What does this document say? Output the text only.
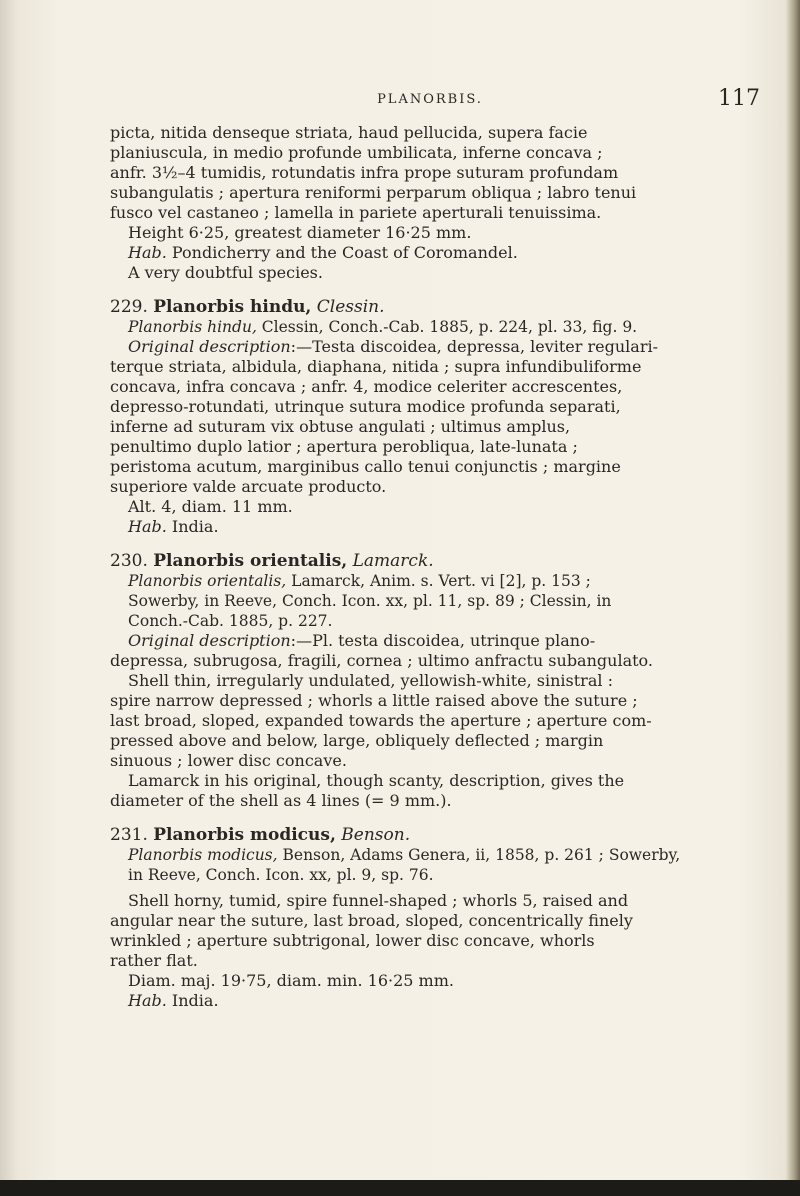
PLANORBIS.	117

picta, nitida denseque striata, haud pellucida, supera facie

planiuscula, in medio profunde umbilicata, inferne concava ;

anfr. 3½–4 tumidis, rotundatis infra prope suturam profundam

subangulatis ; apertura reniformi perparum obliqua ; labro tenui

fusco vel castaneo ; lamella in pariete aperturali tenuissima.

Height 6·25, greatest diameter 16·25 mm.

Hab. Pondicherry and the Coast of Coromandel.

A very doubtful species.

229. Planorbis hindu, Clessin.

Planorbis hindu, Clessin, Conch.-Cab. 1885, p. 224, pl. 33, fig. 9.

Original description:—Testa discoidea, depressa, leviter regulari-

terque striata, albidula, diaphana, nitida ; supra infundibuliforme

concava, infra concava ; anfr. 4, modice celeriter accrescentes,

depresso-rotundati, utrinque sutura modice profunda separati,

inferne ad suturam vix obtuse angulati ; ultimus amplus,

penultimo duplo latior ; apertura perobliqua, late-lunata ;

peristoma acutum, marginibus callo tenui conjunctis ; margine

superiore valde arcuate producto.

Alt. 4, diam. 11 mm.

Hab. India.

230. Planorbis orientalis, Lamarck.

Planorbis orientalis, Lamarck, Anim. s. Vert. vi [2], p. 153 ;

Sowerby, in Reeve, Conch. Icon. xx, pl. 11, sp. 89 ; Clessin, in

Conch.-Cab. 1885, p. 227.

Original description:—Pl. testa discoidea, utrinque plano-

depressa, subrugosa, fragili, cornea ; ultimo anfractu subangulato.

Shell thin, irregularly undulated, yellowish-white, sinistral :

spire narrow depressed ; whorls a little raised above the suture ;

last broad, sloped, expanded towards the aperture ; aperture com-

pressed above and below, large, obliquely deflected ; margin

sinuous ; lower disc concave.

Lamarck in his original, though scanty, description, gives the

diameter of the shell as 4 lines (= 9 mm.).

231. Planorbis modicus, Benson.

Planorbis modicus, Benson, Adams Genera, ii, 1858, p. 261 ; Sowerby,

in Reeve, Conch. Icon. xx, pl. 9, sp. 76.

Shell horny, tumid, spire funnel-shaped ; whorls 5, raised and

angular near the suture, last broad, sloped, concentrically finely

wrinkled ; aperture subtrigonal, lower disc concave, whorls

rather flat.

Diam. maj. 19·75, diam. min. 16·25 mm.

Hab. India.
